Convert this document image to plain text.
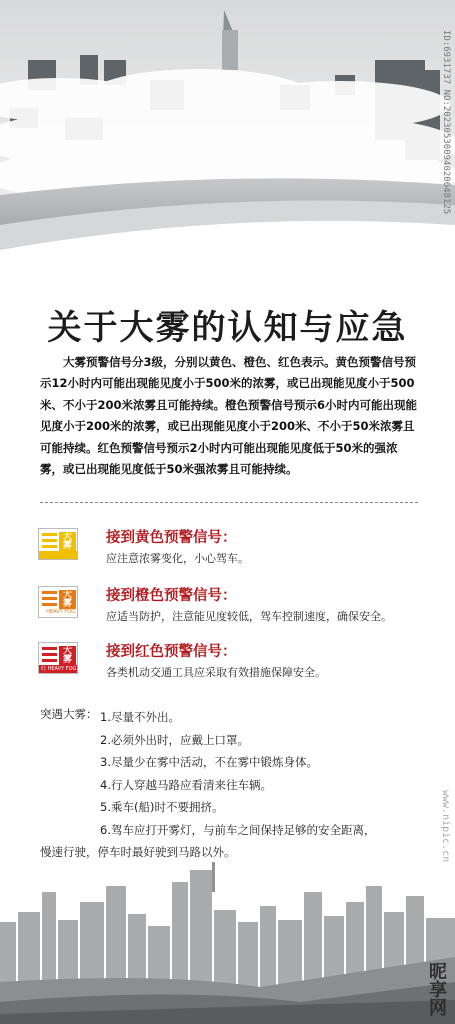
ID:6931737 NO:20230530094020648125
关于大雾的认知与应急

大雾预警信号分3级，分别以黄色、橙色、红色表示。黄色预警信号预示12小时内可能出现能见度小于500米的浓雾，或已出现能见度小于500米、不小于200米浓雾且可能持续。橙色预警信号预示6小时内可能出现能见度小于200米的浓雾，或已出现能见度小于200米、不小于50米浓雾且可能持续。红色预警信号预示2小时内可能出现能见度低于50米的强浓雾，或已出现能见度低于50米强浓雾且可能持续。

大雾 接到黄色预警信号：
应注意浓雾变化，小心驾车。
大雾
HEAVY FOG
接到橙色预警信号：
应适当防护，注意能见度较低，驾车控制速度，确保安全。
大雾
红 HEAVY FOG
接到红色预警信号：
各类机动交通工具应采取有效措施保障安全。
突遇大雾： 1.尽量不外出。
2.必须外出时，应戴上口罩。
3.尽量少在雾中活动，不在雾中锻炼身体。
4.行人穿越马路应看清来往车辆。
5.乘车(船)时不要拥挤。
6.驾车应打开雾灯，与前车之间保持足够的安全距离，
慢速行驶，停车时最好驶到马路以外。	www.nipic.cn
昵享网
